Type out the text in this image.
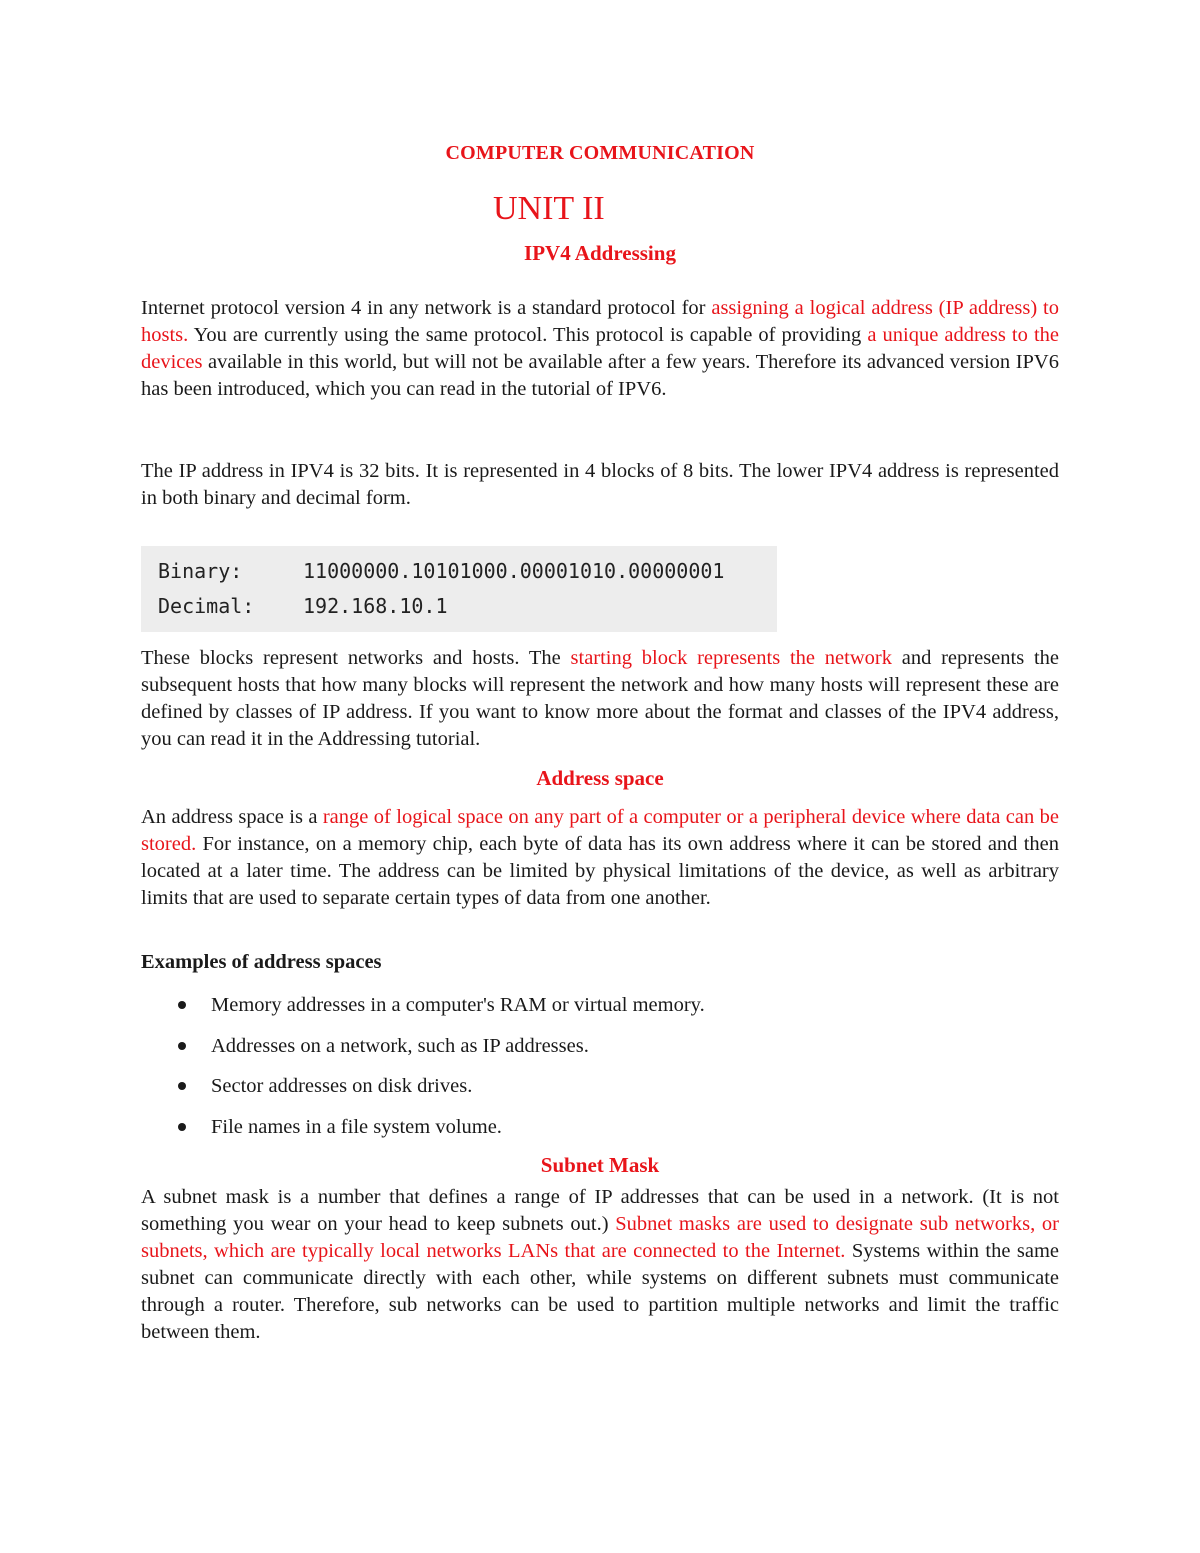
COMPUTER COMMUNICATION
UNIT II
IPV4 Addressing

Internet protocol version 4 in any network is a standard protocol for assigning a logical address (IP address) to hosts. You are currently using the same protocol. This protocol is capable of providing a unique address to the devices available in this world, but will not be available after a few years. Therefore its advanced version IPV6 has been introduced, which you can read in the tutorial of IPV6.

The IP address in IPV4 is 32 bits. It is represented in 4 blocks of 8 bits. The lower IPV4 address is represented in both binary and decimal form.

These blocks represent networks and hosts. The starting block represents the network and represents the subsequent hosts that how many blocks will represent the network and how many hosts will represent these are defined by classes of IP address. If you want to know more about the format and classes of the IPV4 address, you can read it in the Addressing tutorial.

Address space

An address space is a range of logical space on any part of a computer or a peripheral device where data can be stored. For instance, on a memory chip, each byte of data has its own address where it can be stored and then located at a later time. The address can be limited by physical limitations of the device, as well as arbitrary limits that are used to separate certain types of data from one another.

Examples of address spaces
Memory addresses in a computer's RAM or virtual memory.
Addresses on a network, such as IP addresses.
Sector addresses on disk drives.
File names in a file system volume.
Subnet Mask

A subnet mask is a number that defines a range of IP addresses that can be used in a network. (It is not something you wear on your head to keep subnets out.) Subnet masks are used to designate sub networks, or subnets, which are typically local networks LANs that are connected to the Internet. Systems within the same subnet can communicate directly with each other, while systems on different subnets must communicate through a router. Therefore, sub networks can be used to partition multiple networks and limit the traffic between them.

Binary:	11000000.10101000.00001010.00000001
Decimal: 192.168.10.1
